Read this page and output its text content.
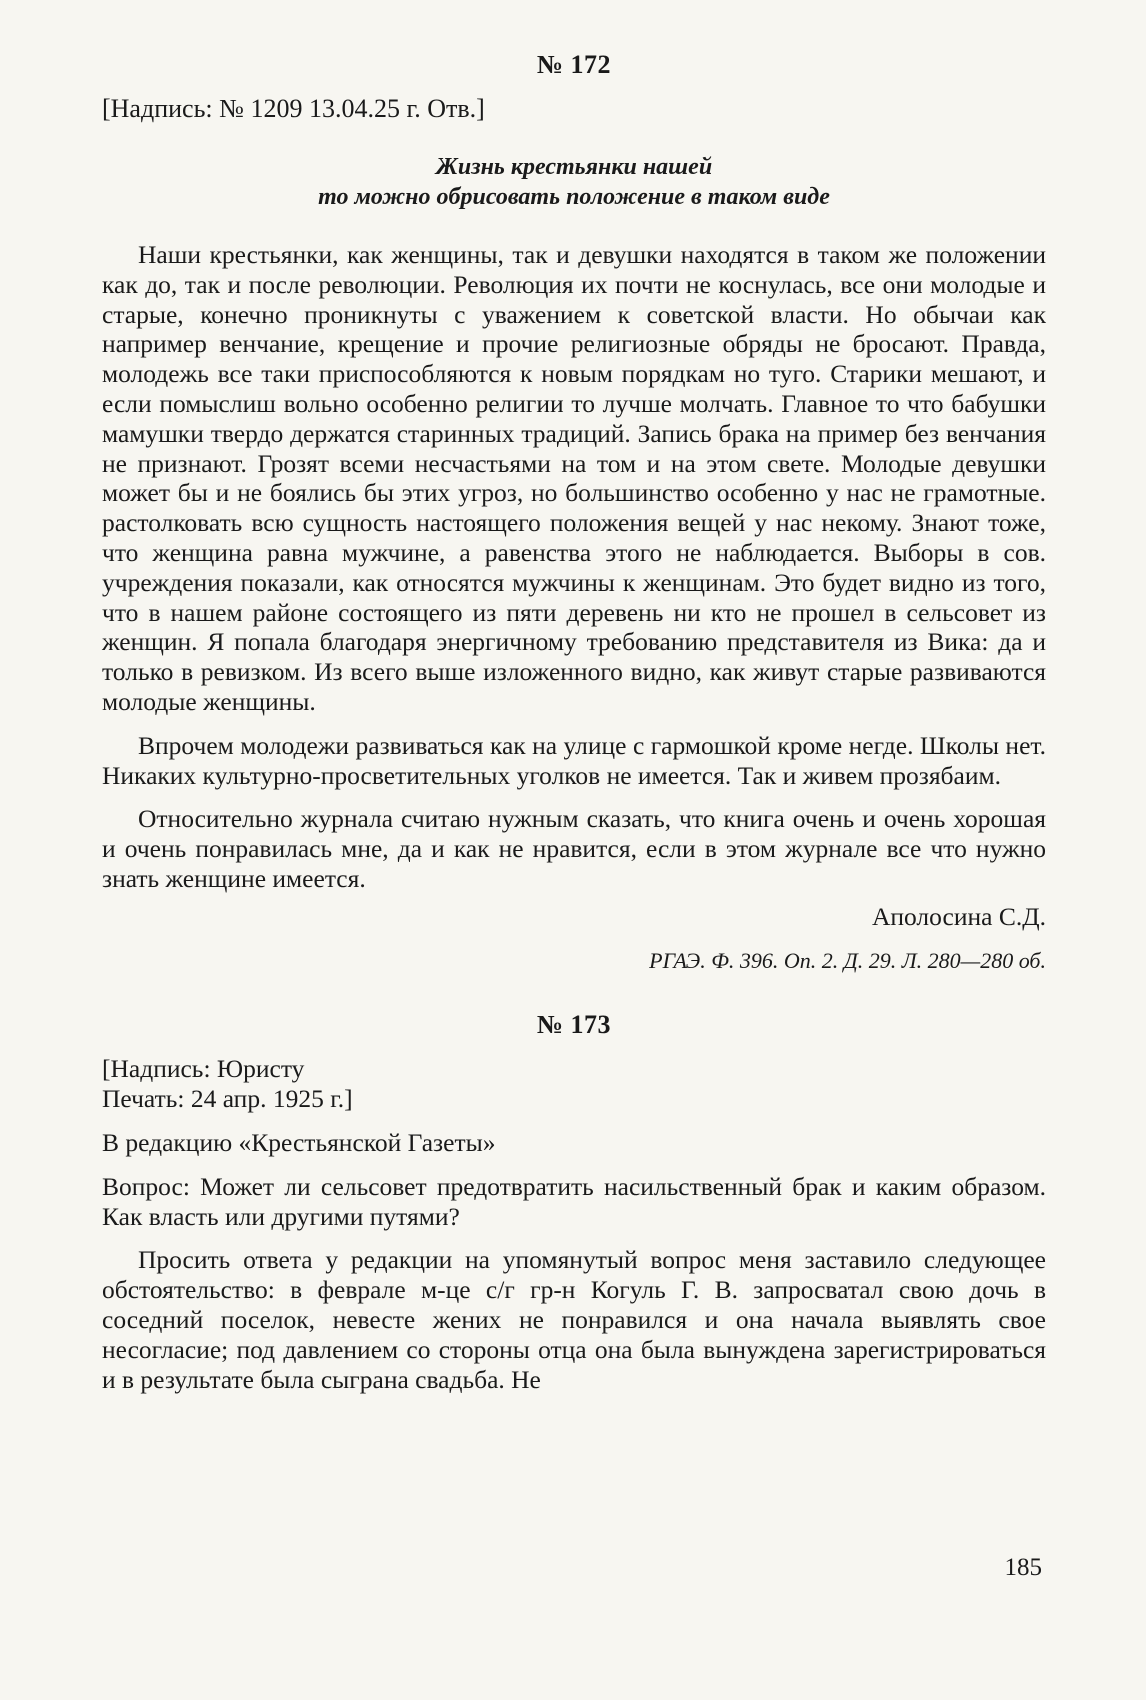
№ 172

[Надпись: № 1209 13.04.25 г. Отв.]

Жизнь крестьянки нашей
то можно обрисовать положение в таком виде

Наши крестьянки, как женщины, так и девушки находятся в таком же положении как до, так и после революции. Революция их почти не коснулась, все они молодые и старые, конечно проникнуты с уважением к советской власти. Но обычаи как например венчание, крещение и прочие религиозные обряды не бросают. Правда, молодежь все таки приспособляются к новым порядкам но туго. Старики мешают, и если помыслиш вольно особенно религии то лучше молчать. Главное то что бабушки мамушки твердо держатся старинных традиций. Запись брака на пример без венчания не признают. Грозят всеми несчастьями на том и на этом свете. Молодые девушки может бы и не боялись бы этих угроз, но большинство особенно у нас не грамотные. растолковать всю сущность настоящего положения вещей у нас некому. Знают тоже, что женщина равна мужчине, а равенства этого не наблюдается. Выборы в сов. учреждения показали, как относятся мужчины к женщинам. Это будет видно из того, что в нашем районе состоящего из пяти деревень ни кто не прошел в сельсовет из женщин. Я попала благодаря энергичному требованию представителя из Вика: да и только в ревизком. Из всего выше изложенного видно, как живут старые развиваются молодые женщины.

Впрочем молодежи развиваться как на улице с гармошкой кроме негде. Школы нет. Никаких культурно-просветительных уголков не имеется. Так и живем прозябаим.

Относительно журнала считаю нужным сказать, что книга очень и очень хорошая и очень понравилась мне, да и как не нравится, если в этом журнале все что нужно знать женщине имеется.

Аполосина С.Д.

РГАЭ. Ф. 396. Оп. 2. Д. 29. Л. 280—280 об.

№ 173
[Надпись: Юристу
Печать: 24 апр. 1925 г.]

В редакцию «Крестьянской Газеты»

Вопрос: Может ли сельсовет предотвратить насильственный брак и каким образом. Как власть или другими путями?

Просить ответа у редакции на упомянутый вопрос меня заставило следующее обстоятельство: в феврале м-це с/г гр-н Когуль Г. В. запросватал свою дочь в соседний поселок, невесте жених не понравился и она начала выявлять свое несогласие; под давлением со стороны отца она была вынуждена зарегистрироваться и в результате была сыграна свадьба. Не

185
